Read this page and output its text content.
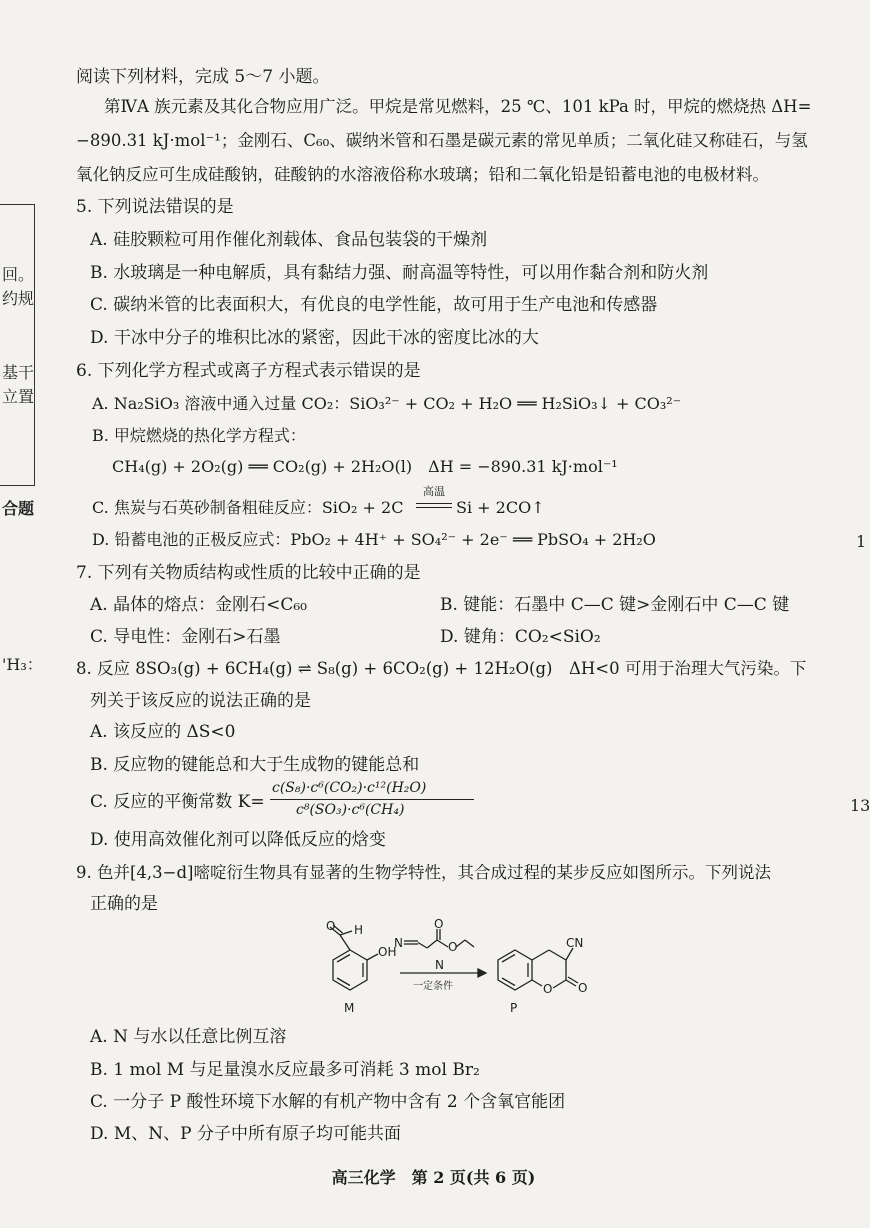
回。
约规
基干
立置
合题
'H₃：
1
13
阅读下列材料，完成 5～7 小题。
第ⅣA 族元素及其化合物应用广泛。甲烷是常见燃料，25 ℃、101 kPa 时，甲烷的燃烧热 ΔH=
−890.31 kJ·mol⁻¹；金刚石、C₆₀、碳纳米管和石墨是碳元素的常见单质；二氧化硅又称硅石，与氢
氧化钠反应可生成硅酸钠，硅酸钠的水溶液俗称水玻璃；铅和二氧化铅是铅蓄电池的电极材料。
5. 下列说法错误的是
A. 硅胶颗粒可用作催化剂载体、食品包装袋的干燥剂
B. 水玻璃是一种电解质，具有黏结力强、耐高温等特性，可以用作黏合剂和防火剂
C. 碳纳米管的比表面积大，有优良的电学性能，故可用于生产电池和传感器
D. 干冰中分子的堆积比冰的紧密，因此干冰的密度比冰的大
6. 下列化学方程式或离子方程式表示错误的是
A. Na₂SiO₃ 溶液中通入过量 CO₂：SiO₃²⁻ + CO₂ + H₂O ══ H₂SiO₃↓ + CO₃²⁻
B. 甲烷燃烧的热化学方程式：
CH₄(g) + 2O₂(g) ══ CO₂(g) + 2H₂O(l)　ΔH = −890.31 kJ·mol⁻¹
C. 焦炭与石英砂制备粗硅反应：SiO₂ + 2C
高温
Si + 2CO↑
D. 铅蓄电池的正极反应式：PbO₂ + 4H⁺ + SO₄²⁻ + 2e⁻ ══ PbSO₄ + 2H₂O
7. 下列有关物质结构或性质的比较中正确的是
A. 晶体的熔点：金刚石<C₆₀	B. 键能：石墨中 C—C 键>金刚石中 C—C 键
C. 导电性：金刚石>石墨	D. 键角：CO₂<SiO₂
8. 反应 8SO₃(g) + 6CH₄(g) ⇌ S₈(g) + 6CO₂(g) + 12H₂O(g)　ΔH<0 可用于治理大气污染。下
列关于该反应的说法正确的是
A. 该反应的 ΔS<0
B. 反应物的键能总和大于生成物的键能总和
C. 反应的平衡常数 K=
c(S₈)·c⁶(CO₂)·c¹²(H₂O)
c⁸(SO₃)·c⁶(CH₄)
D. 使用高效催化剂可以降低反应的焓变
9. 色并[4,3−d]嘧啶衍生物具有显著的生物学特性，其合成过程的某步反应如图所示。下列说法
正确的是
O H
OH
N
O
O
N
一定条件	O O
CN
M	P
A. N 与水以任意比例互溶
B. 1 mol M 与足量溴水反应最多可消耗 3 mol Br₂
C. 一分子 P 酸性环境下水解的有机产物中含有 2 个含氧官能团
D. M、N、P 分子中所有原子均可能共面
高三化学　第 2 页(共 6 页)
